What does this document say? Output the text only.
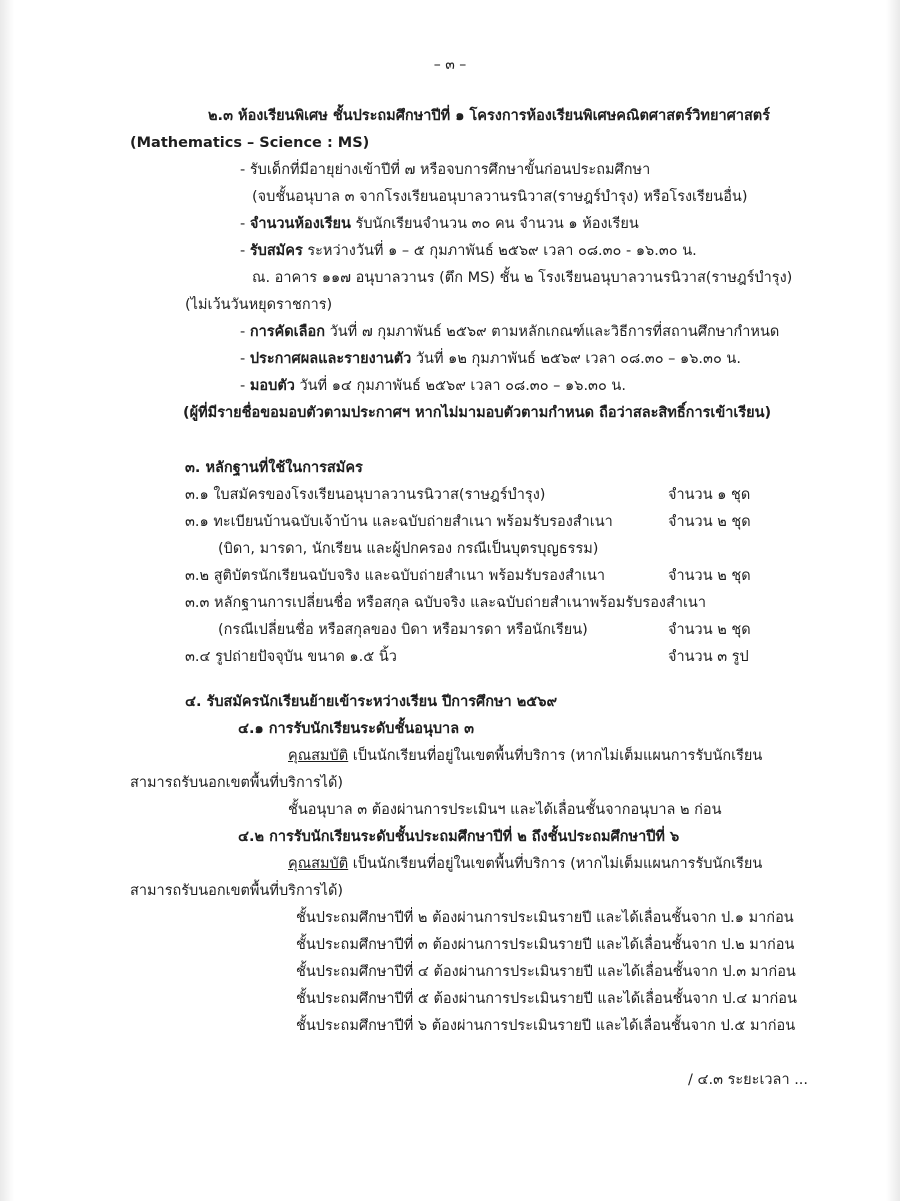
– ๓ –
๒.๓ ห้องเรียนพิเศษ ชั้นประถมศึกษาปีที่ ๑ โครงการห้องเรียนพิเศษคณิตศาสตร์วิทยาศาสตร์
(Mathematics – Science : MS)
- รับเด็กที่มีอายุย่างเข้าปีที่ ๗ หรือจบการศึกษาขั้นก่อนประถมศึกษา
(จบชั้นอนุบาล ๓ จากโรงเรียนอนุบาลวานรนิวาส(ราษฎร์บำรุง) หรือโรงเรียนอื่น)
- จำนวนห้องเรียน รับนักเรียนจำนวน ๓๐ คน จำนวน ๑ ห้องเรียน
- รับสมัคร ระหว่างวันที่ ๑ – ๕ กุมภาพันธ์ ๒๕๖๙ เวลา ๐๘.๓๐ - ๑๖.๓๐ น.
ณ. อาคาร ๑๑๗ อนุบาลวานร (ตึก MS) ชั้น ๒ โรงเรียนอนุบาลวานรนิวาส(ราษฎร์บำรุง)
(ไม่เว้นวันหยุดราชการ)
- การคัดเลือก วันที่ ๗ กุมภาพันธ์ ๒๕๖๙ ตามหลักเกณฑ์และวิธีการที่สถานศึกษากำหนด
- ประกาศผลและรายงานตัว วันที่ ๑๒ กุมภาพันธ์ ๒๕๖๙ เวลา ๐๘.๓๐ – ๑๖.๓๐ น.
- มอบตัว วันที่ ๑๔ กุมภาพันธ์ ๒๕๖๙ เวลา ๐๘.๓๐ – ๑๖.๓๐ น.
(ผู้ที่มีรายชื่อขอมอบตัวตามประกาศฯ หากไม่มามอบตัวตามกำหนด ถือว่าสละสิทธิ์การเข้าเรียน)
๓. หลักฐานที่ใช้ในการสมัคร
๓.๑ ใบสมัครของโรงเรียนอนุบาลวานรนิวาส(ราษฎร์บำรุง)	จำนวน ๑ ชุด
๓.๑ ทะเบียนบ้านฉบับเจ้าบ้าน และฉบับถ่ายสำเนา พร้อมรับรองสำเนา	จำนวน ๒ ชุด
(บิดา, มารดา, นักเรียน และผู้ปกครอง กรณีเป็นบุตรบุญธรรม)
๓.๒ สูติบัตรนักเรียนฉบับจริง และฉบับถ่ายสำเนา พร้อมรับรองสำเนา	จำนวน ๒ ชุด
๓.๓ หลักฐานการเปลี่ยนชื่อ หรือสกุล ฉบับจริง และฉบับถ่ายสำเนาพร้อมรับรองสำเนา
(กรณีเปลี่ยนชื่อ หรือสกุลของ บิดา หรือมารดา หรือนักเรียน)	จำนวน ๒ ชุด
๓.๔ รูปถ่ายปัจจุบัน ขนาด ๑.๕ นิ้ว	จำนวน ๓ รูป
๔. รับสมัครนักเรียนย้ายเข้าระหว่างเรียน ปีการศึกษา ๒๕๖๙
๔.๑ การรับนักเรียนระดับชั้นอนุบาล ๓
คุณสมบัติ เป็นนักเรียนที่อยู่ในเขตพื้นที่บริการ (หากไม่เต็มแผนการรับนักเรียน
สามารถรับนอกเขตพื้นที่บริการได้)
ชั้นอนุบาล ๓ ต้องผ่านการประเมินฯ และได้เลื่อนชั้นจากอนุบาล ๒ ก่อน
๔.๒ การรับนักเรียนระดับชั้นประถมศึกษาปีที่ ๒ ถึงชั้นประถมศึกษาปีที่ ๖
คุณสมบัติ เป็นนักเรียนที่อยู่ในเขตพื้นที่บริการ (หากไม่เต็มแผนการรับนักเรียน
สามารถรับนอกเขตพื้นที่บริการได้)
ชั้นประถมศึกษาปีที่ ๒ ต้องผ่านการประเมินรายปี และได้เลื่อนชั้นจาก ป.๑ มาก่อน
ชั้นประถมศึกษาปีที่ ๓ ต้องผ่านการประเมินรายปี และได้เลื่อนชั้นจาก ป.๒ มาก่อน
ชั้นประถมศึกษาปีที่ ๔ ต้องผ่านการประเมินรายปี และได้เลื่อนชั้นจาก ป.๓ มาก่อน
ชั้นประถมศึกษาปีที่ ๕ ต้องผ่านการประเมินรายปี และได้เลื่อนชั้นจาก ป.๔ มาก่อน
ชั้นประถมศึกษาปีที่ ๖ ต้องผ่านการประเมินรายปี และได้เลื่อนชั้นจาก ป.๕ มาก่อน
/ ๔.๓ ระยะเวลา ...
